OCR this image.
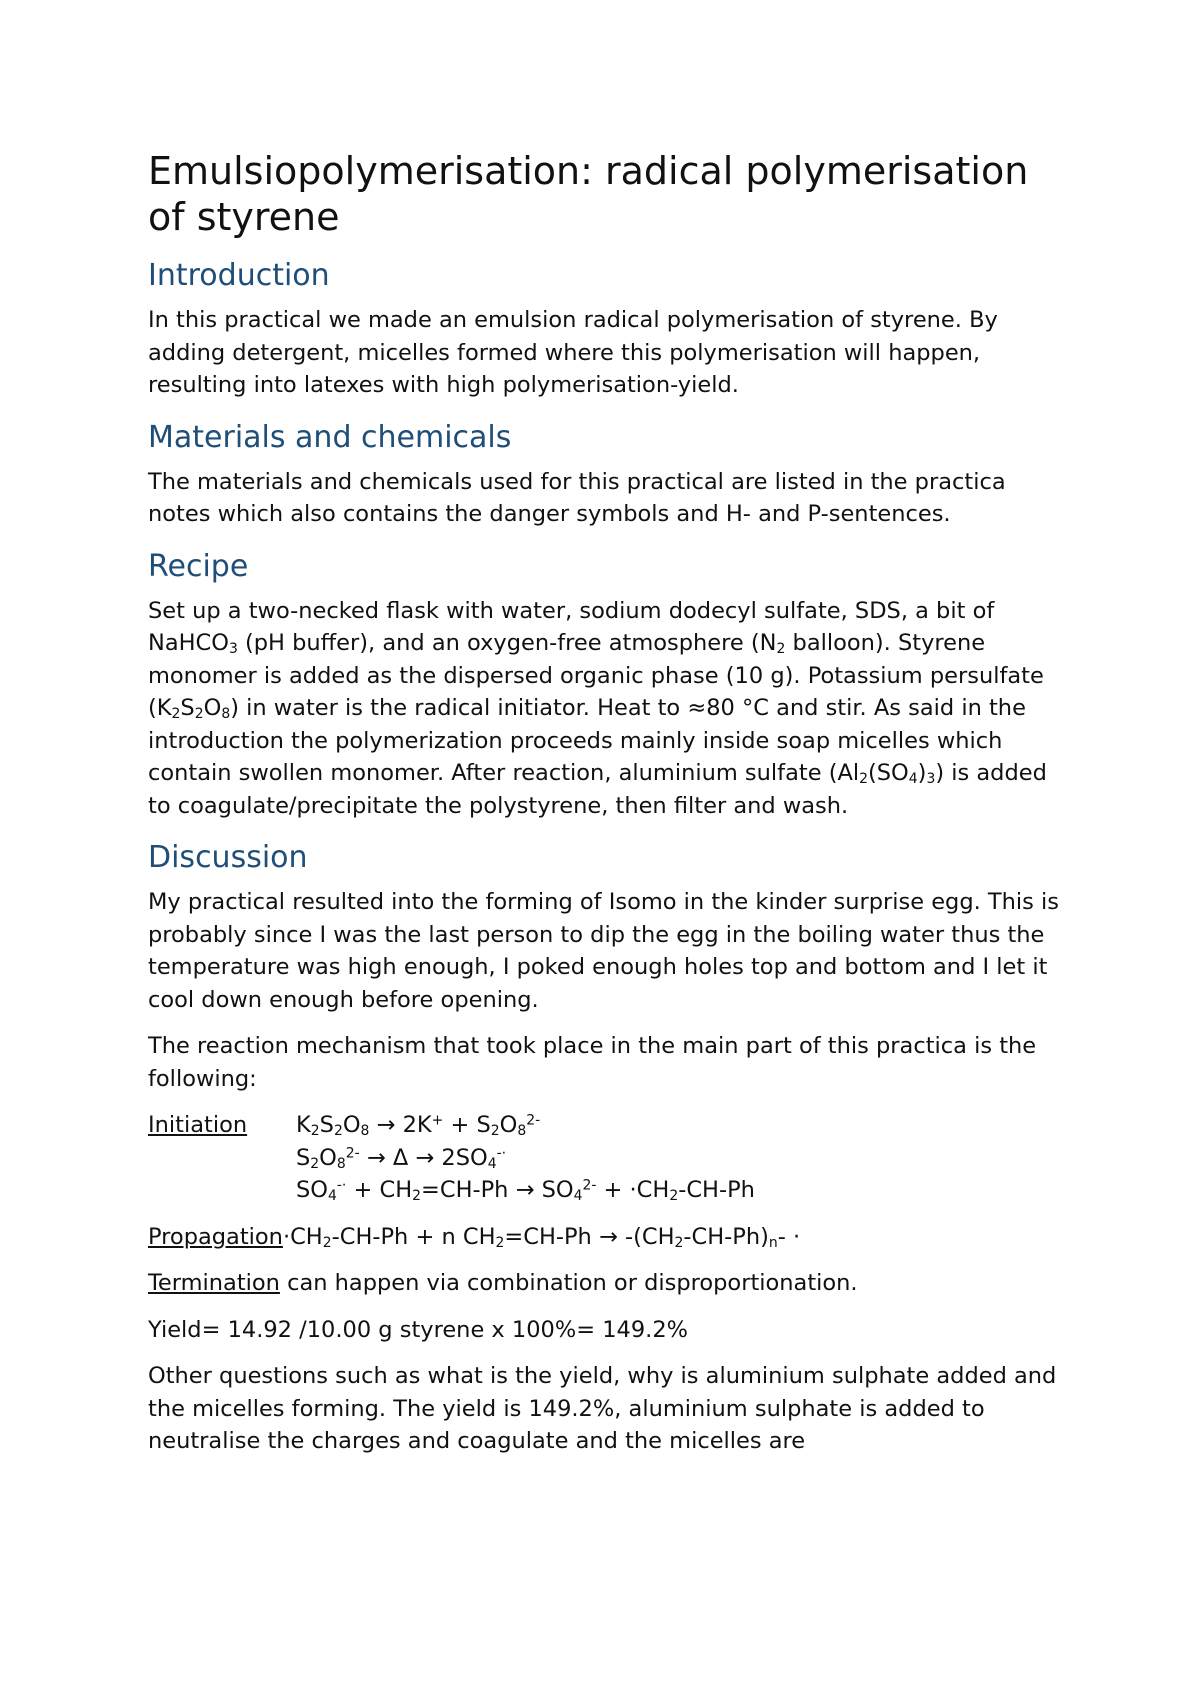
Emulsiopolymerisation: radical polymerisation
of styrene
Introduction

In this practical we made an emulsion radical polymerisation of styrene. By adding detergent, micelles formed where this polymerisation will happen, resulting into latexes with high polymerisation-yield.

Materials and chemicals

The materials and chemicals used for this practical are listed in the practica notes which also contains the danger symbols and H- and P-sentences.

Recipe

Set up a two-necked flask with water, sodium dodecyl sulfate, SDS, a bit of NaHCO$_3$ (pH buffer), and an oxygen-free atmosphere ($N_2$ balloon). Styrene monomer is added as the dispersed organic phase (10 g). Potassium persulfate $(K_2S_2O_8)$ in water is the radical initiator. Heat to ≈80 °C and stir. As said in the introduction the polymerization proceeds mainly inside soap micelles which contain swollen monomer. After reaction, aluminium sulfate $(Al_2(SO_4)_3)$ is added to coagulate/precipitate the polystyrene, then filter and wash.

Discussion

My practical resulted into the forming of Isomo in the kinder surprise egg. This is probably since I was the last person to dip the egg in the boiling water thus the temperature was high enough, I poked enough holes top and bottom and I let it cool down enough before opening.

The reaction mechanism that took place in the main part of this practica is the following:

Initiation	$K_2S_2O_8 \to 2K^+ + S_2O_8^{2-}$
$S_2O_8^{2-} \to \Delta \to 2SO_4^{-\cdot}$
$SO_4^{-\cdot} + CH_2=CH-Ph \to SO_4^{2-} + \cdot CH_2-CH-Ph$

$Propagation\cdot CH_2-CH-Ph + n$ $CH_2=CH-Ph \to -(CH_2-CH-Ph)_n-$ ·

Termination can happen via combination or disproportionation.

Yield= 14.92 /10.00 g styrene x 100%= 149.2%

Other questions such as what is the yield, why is aluminium sulphate added and the micelles forming. The yield is 149.2%, aluminium sulphate is added to neutralise the charges and coagulate and the micelles are
